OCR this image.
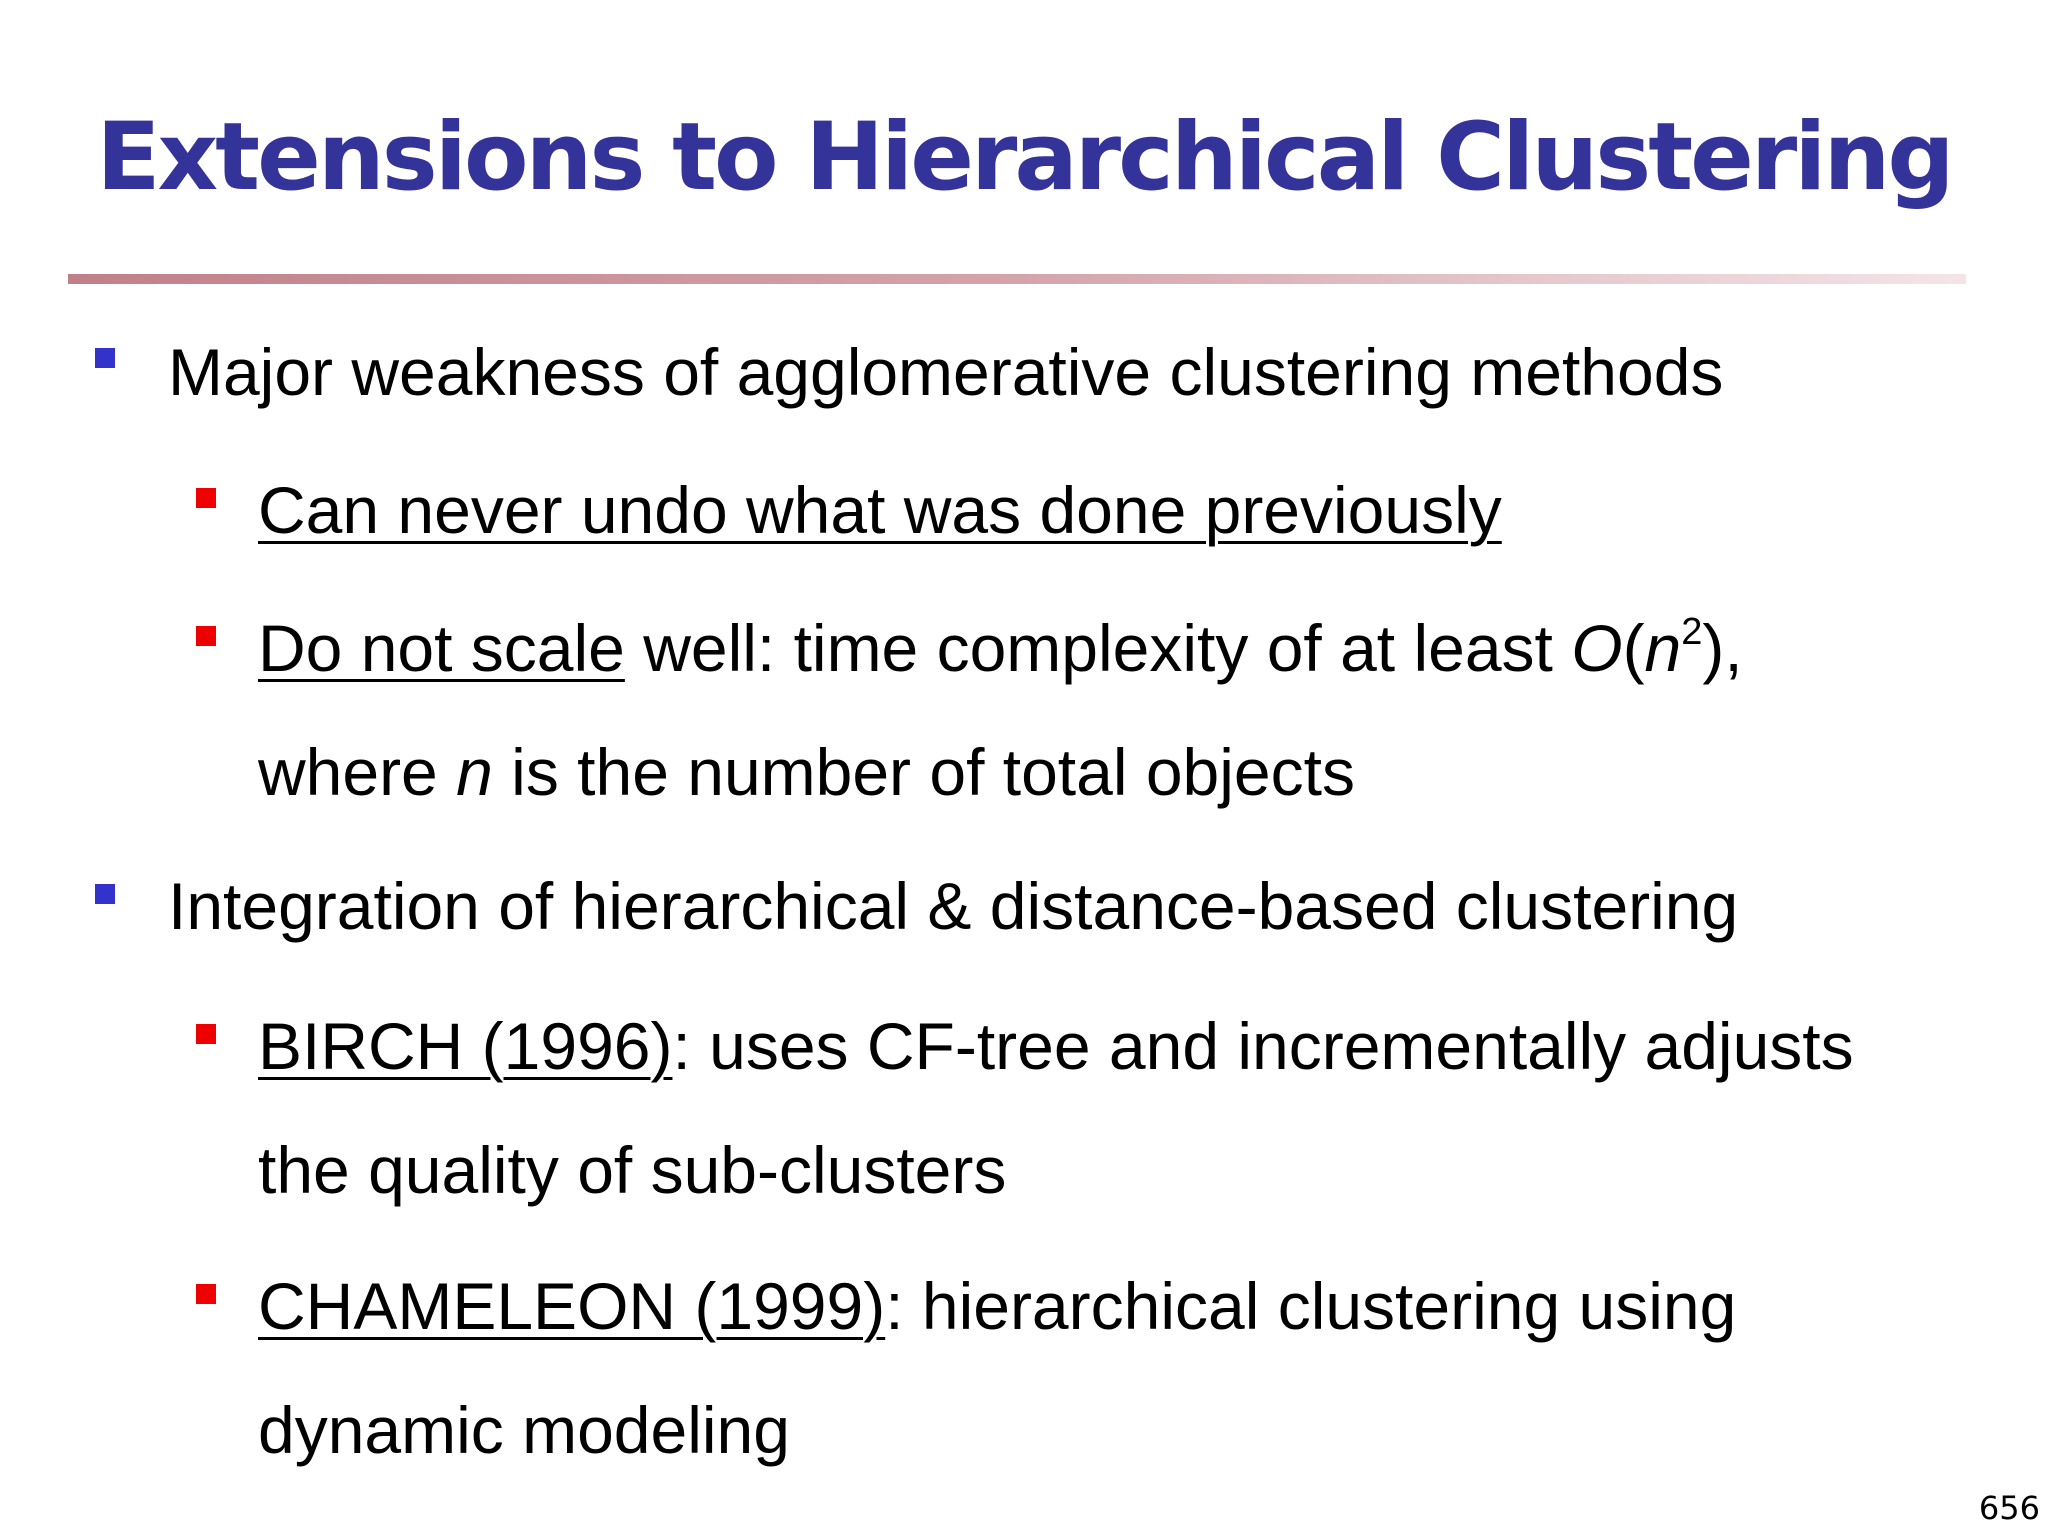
Extensions to Hierarchical Clustering
Major weakness of agglomerative clustering methods
Can never undo what was done previously
Do not scale well: time complexity of at least $O(n^2)$,
where n is the number of total objects
Integration of hierarchical & distance-based clustering
BIRCH (1996): uses CF-tree and incrementally adjusts
the quality of sub-clusters
CHAMELEON (1999): hierarchical clustering using
dynamic modeling
656
